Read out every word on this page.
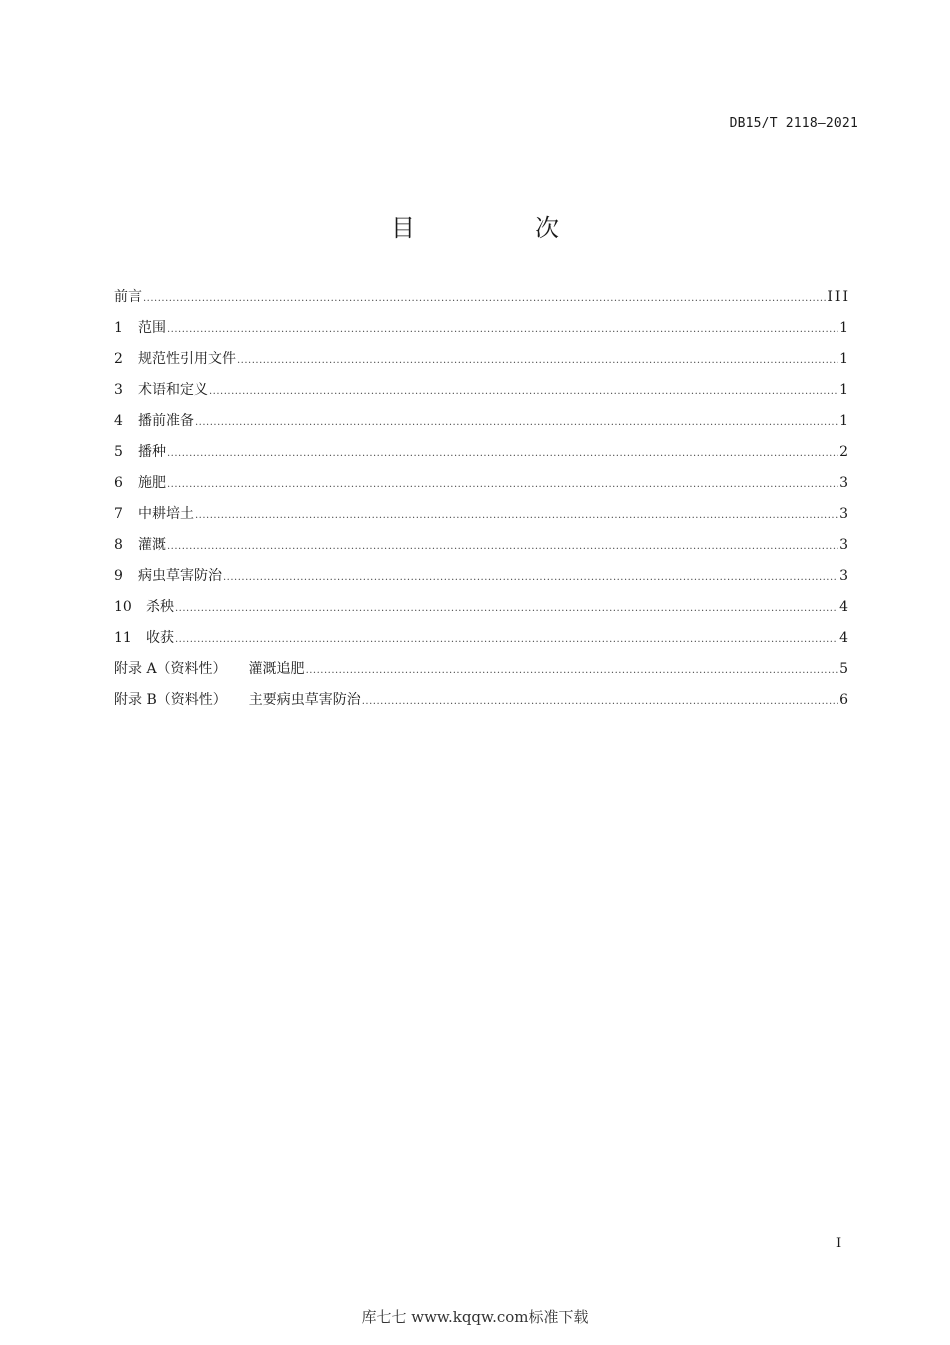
DB15/T 2118—2021
目　次
前言 .....	III
1	范围 .....	1
2	规范性引用文件 .....	1
3	术语和定义 .....	1
4	播前准备 .....	1
5	播种 .....	2
6	施肥 .....	3
7	中耕培土 .....	3
8	灌溉 .....	3
9	病虫草害防治 .....	3
10	杀秧 .....	4
11	收获 .....	4
附录 A（资料性） 灌溉追肥 .....	5
附录 B（资料性） 主要病虫草害防治 .....	6
I
库七七 www.kqqw.com标准下载
